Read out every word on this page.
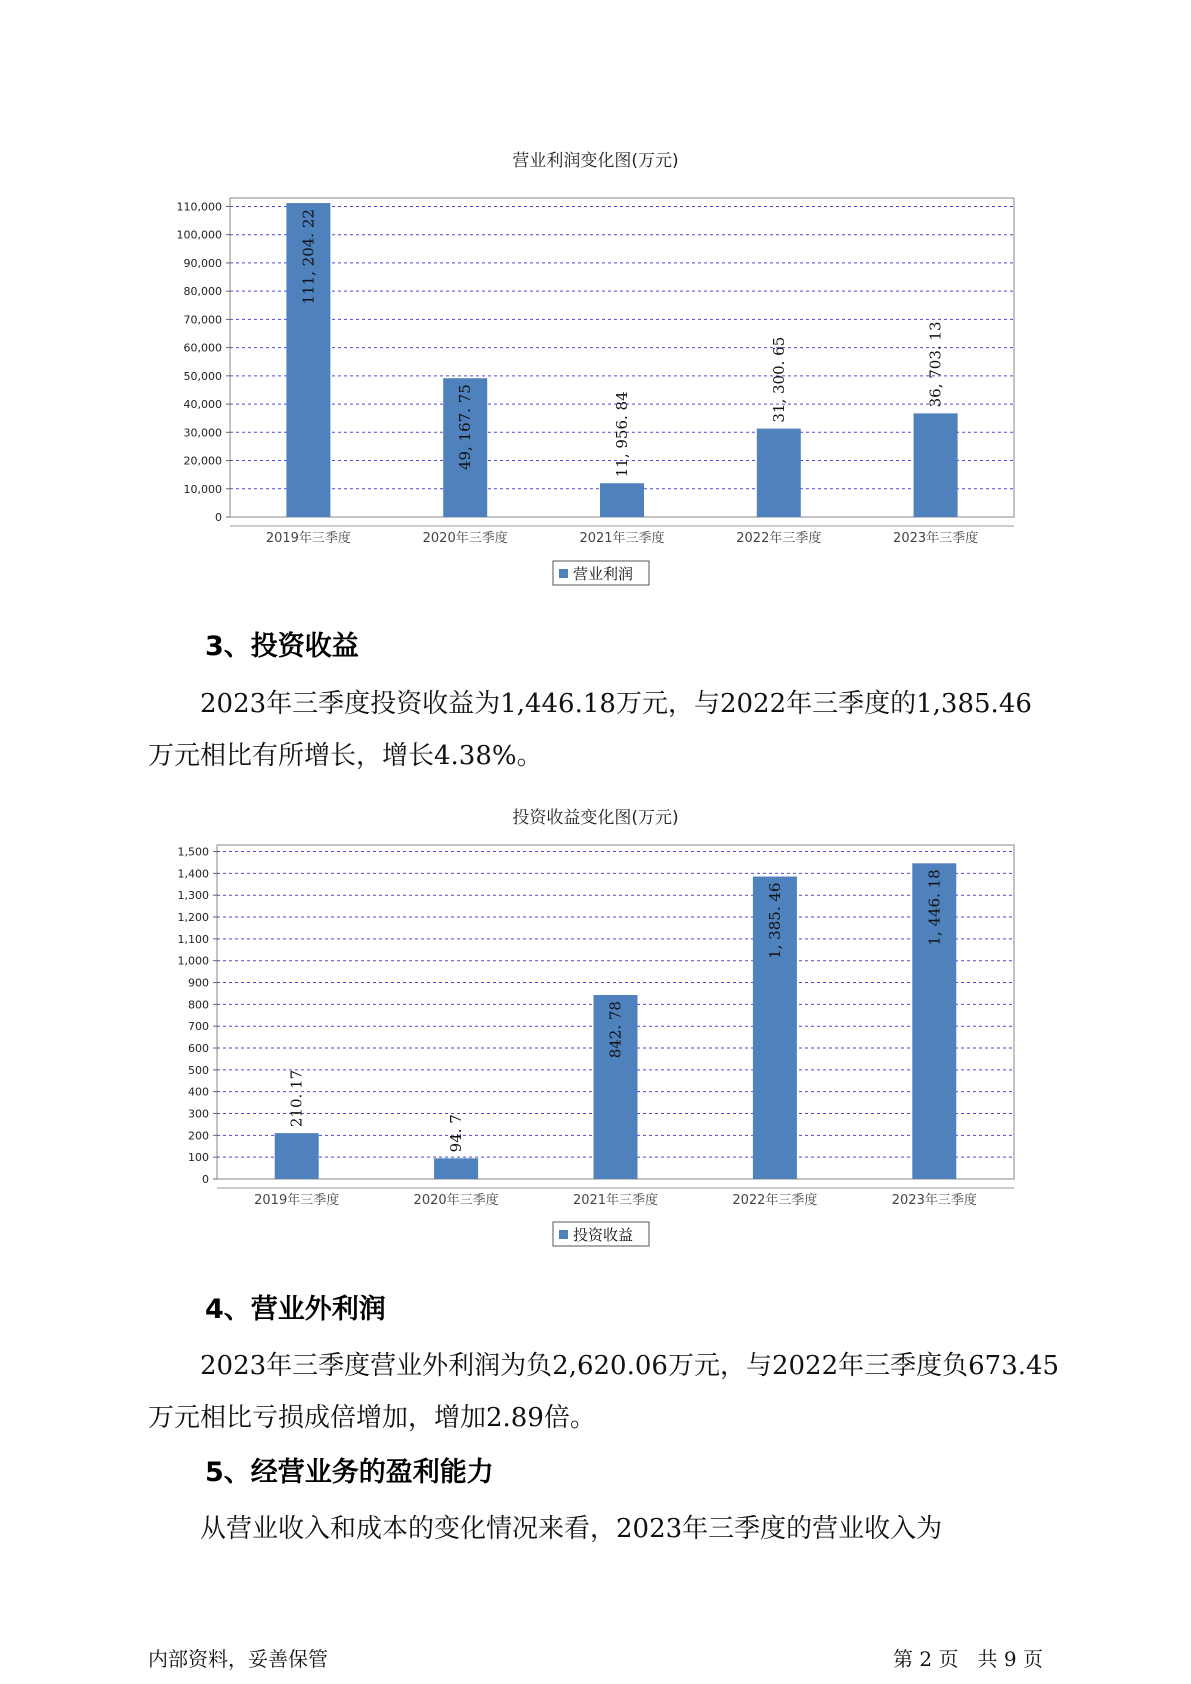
营业利润变化图(万元)
0
10,000
20,000
30,000
40,000
50,000
60,000
70,000
80,000
90,000
100,000
110,000
111, 204. 22
49, 167. 75	11, 956. 84
31, 300. 65	36, 703. 13
2019年三季度	2020年三季度	2021年三季度	2022年三季度	2023年三季度
营业利润
3、投资收益
2023年三季度投资收益为1,446.18万元，与2022年三季度的1,385.46
万元相比有所增长，增长4.38%。
投资收益变化图(万元)
0
100
200
300
400
500
600
700
800
900
1,000
1,100
1,200
1,300
1,400
1,500
210. 17
94. 7
842. 78
1, 385. 46	1, 446. 18
2019年三季度	2020年三季度	2021年三季度	2022年三季度	2023年三季度
投资收益
4、营业外利润
2023年三季度营业外利润为负2,620.06万元，与2022年三季度负673.45
万元相比亏损成倍增加，增加2.89倍。
5、经营业务的盈利能力
从营业收入和成本的变化情况来看，2023年三季度的营业收入为
内部资料，妥善保管	第 2 页   共 9 页
